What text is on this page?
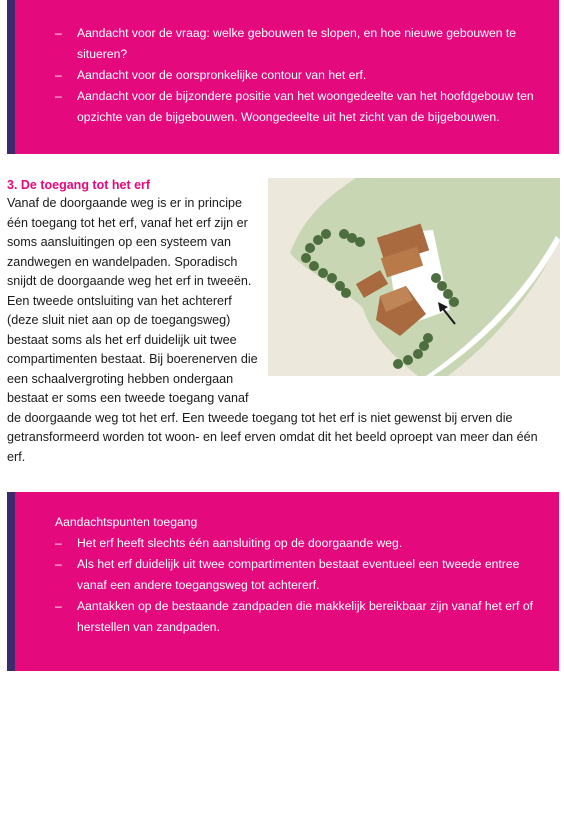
– Aandacht voor de vraag: welke gebouwen te slopen, en hoe nieuwe gebouwen te situeren?
– Aandacht voor de oorspronkelijke contour van het erf.
– Aandacht voor de bijzondere positie van het woongedeelte van het hoofdgebouw ten opzichte van de bijgebouwen. Woongedeelte uit het zicht van de bijgebouwen.
3. De toegang tot het erf
Vanaf de doorgaande weg is er in principe één toegang tot het erf, vanaf het erf zijn er soms aansluitingen op een systeem van zandwegen en wandelpaden. Sporadisch snijdt de doorgaande weg het erf in tweeën. Een tweede ontsluiting van het achtererf (deze sluit niet aan op de toegangsweg) bestaat soms als het erf duidelijk uit twee compartimenten bestaat. Bij boerenerven die een schaalvergroting hebben ondergaan bestaat er soms een tweede toegang vanaf de doorgaande weg tot het erf. Een tweede toegang tot het erf is niet gewenst bij erven die getransformeerd worden tot woon- en leef erven omdat dit het beeld oproept van meer dan één erf.
Aandachtspunten toegang
– Het erf heeft slechts één aansluiting op de doorgaande weg.
– Als het erf duidelijk uit twee compartimenten bestaat eventueel een tweede entree vanaf een andere toegangsweg tot achtererf.
– Aantakken op de bestaande zandpaden die makkelijk bereikbaar zijn vanaf het erf of herstellen van zandpaden.
